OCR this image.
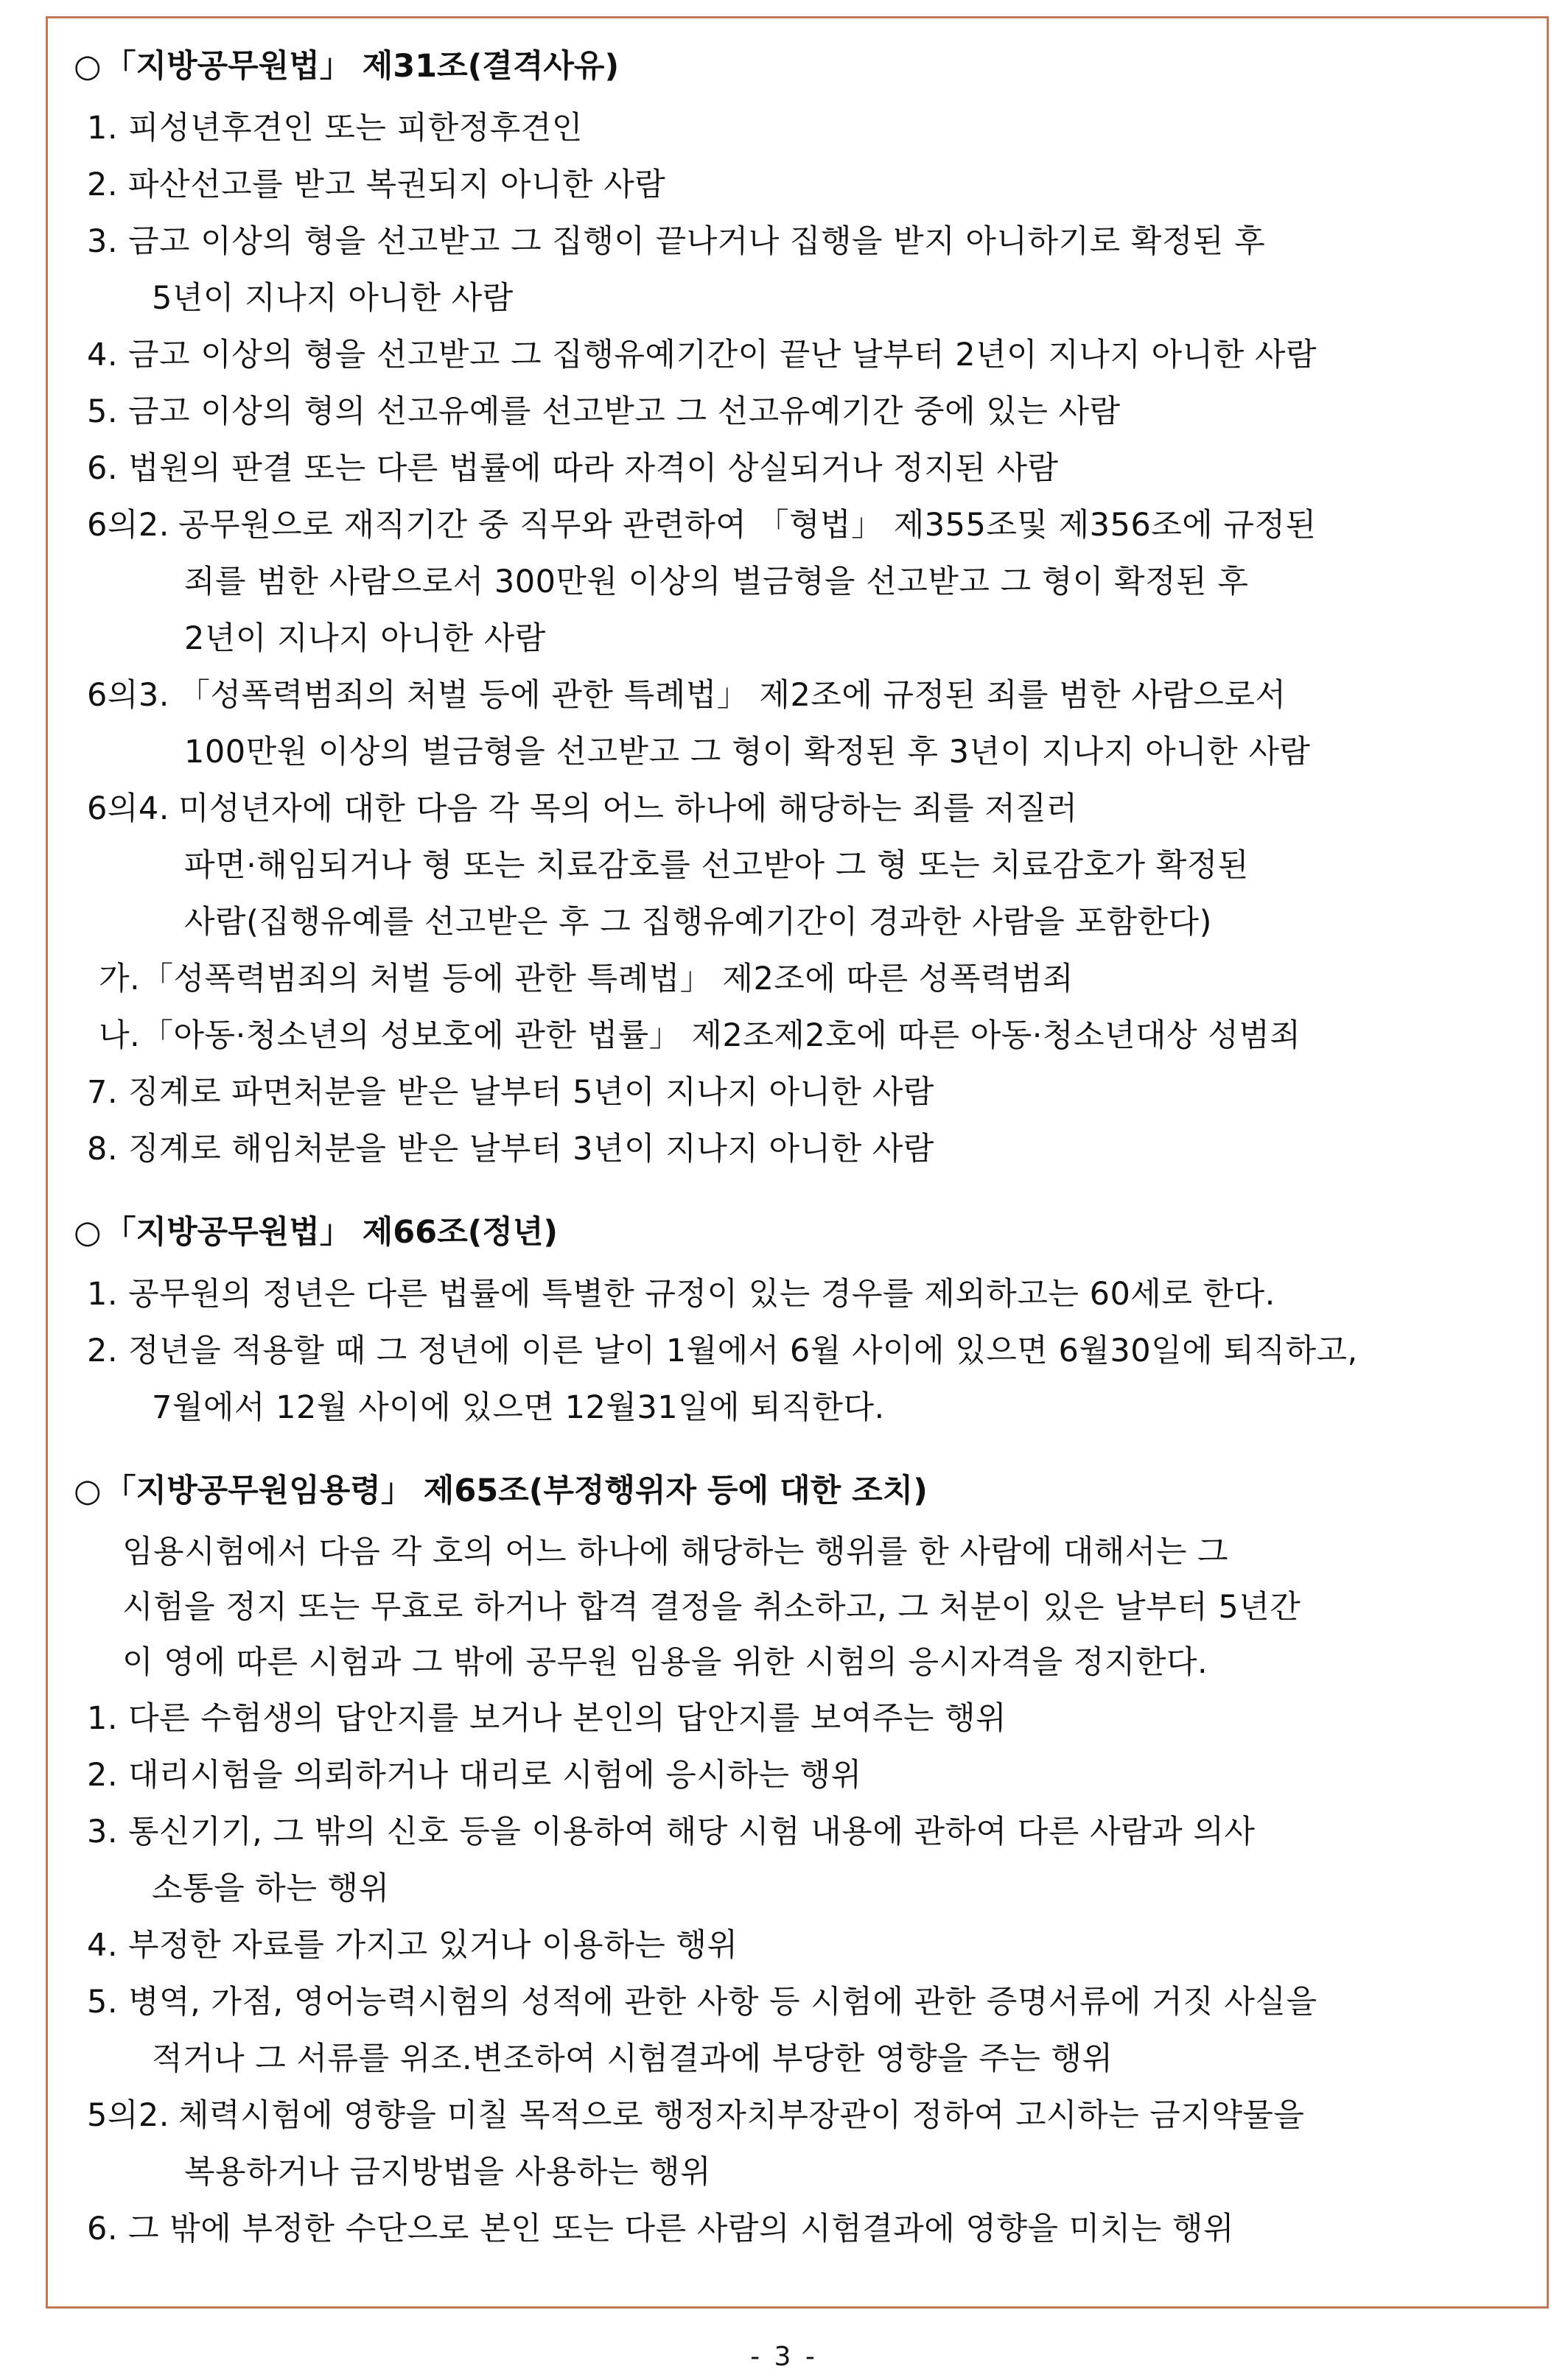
○「지방공무원법」 제31조(결격사유)
1. 피성년후견인 또는 피한정후견인
2. 파산선고를 받고 복권되지 아니한 사람
3. 금고 이상의 형을 선고받고 그 집행이 끝나거나 집행을 받지 아니하기로 확정된 후
5년이 지나지 아니한 사람
4. 금고 이상의 형을 선고받고 그 집행유예기간이 끝난 날부터 2년이 지나지 아니한 사람
5. 금고 이상의 형의 선고유예를 선고받고 그 선고유예기간 중에 있는 사람
6. 법원의 판결 또는 다른 법률에 따라 자격이 상실되거나 정지된 사람
6의2. 공무원으로 재직기간 중 직무와 관련하여 「형법」 제355조및 제356조에 규정된
죄를 범한 사람으로서 300만원 이상의 벌금형을 선고받고 그 형이 확정된 후
2년이 지나지 아니한 사람
6의3. 「성폭력범죄의 처벌 등에 관한 특례법」 제2조에 규정된 죄를 범한 사람으로서
100만원 이상의 벌금형을 선고받고 그 형이 확정된 후 3년이 지나지 아니한 사람
6의4. 미성년자에 대한 다음 각 목의 어느 하나에 해당하는 죄를 저질러
파면·해임되거나 형 또는 치료감호를 선고받아 그 형 또는 치료감호가 확정된
사람(집행유예를 선고받은 후 그 집행유예기간이 경과한 사람을 포함한다)
가. 「성폭력범죄의 처벌 등에 관한 특례법」 제2조에 따른 성폭력범죄
나. 「아동·청소년의 성보호에 관한 법률」 제2조제2호에 따른 아동·청소년대상 성범죄
7. 징계로 파면처분을 받은 날부터 5년이 지나지 아니한 사람
8. 징계로 해임처분을 받은 날부터 3년이 지나지 아니한 사람
○「지방공무원법」 제66조(정년)
1. 공무원의 정년은 다른 법률에 특별한 규정이 있는 경우를 제외하고는 60세로 한다.
2. 정년을 적용할 때 그 정년에 이른 날이 1월에서 6월 사이에 있으면 6월30일에 퇴직하고,
7월에서 12월 사이에 있으면 12월31일에 퇴직한다.
○「지방공무원임용령」 제65조(부정행위자 등에 대한 조치)
임용시험에서 다음 각 호의 어느 하나에 해당하는 행위를 한 사람에 대해서는 그
시험을 정지 또는 무효로 하거나 합격 결정을 취소하고, 그 처분이 있은 날부터 5년간
이 영에 따른 시험과 그 밖에 공무원 임용을 위한 시험의 응시자격을 정지한다.
1. 다른 수험생의 답안지를 보거나 본인의 답안지를 보여주는 행위
2. 대리시험을 의뢰하거나 대리로 시험에 응시하는 행위
3. 통신기기, 그 밖의 신호 등을 이용하여 해당 시험 내용에 관하여 다른 사람과 의사
소통을 하는 행위
4. 부정한 자료를 가지고 있거나 이용하는 행위
5. 병역, 가점, 영어능력시험의 성적에 관한 사항 등 시험에 관한 증명서류에 거짓 사실을
적거나 그 서류를 위조.변조하여 시험결과에 부당한 영향을 주는 행위
5의2. 체력시험에 영향을 미칠 목적으로 행정자치부장관이 정하여 고시하는 금지약물을
복용하거나 금지방법을 사용하는 행위
6. 그 밖에 부정한 수단으로 본인 또는 다른 사람의 시험결과에 영향을 미치는 행위
- 3 -
